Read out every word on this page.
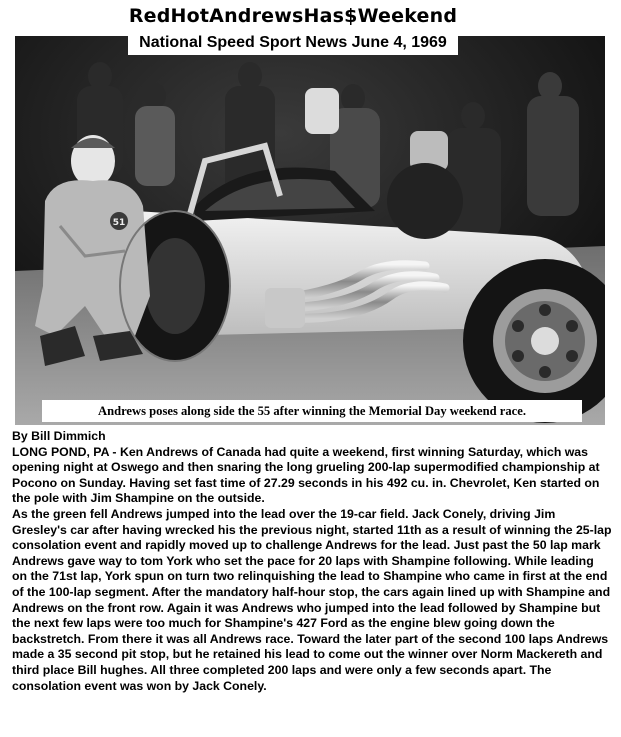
51
RedHotAndrewsHas$Weekend
National Speed Sport News June 4, 1969
Andrews poses along side the 55 after winning the Memorial Day weekend race.

By Bill Dimmich

LONG POND, PA - Ken Andrews of Canada had quite a weekend, first winning Saturday, which was opening night at Oswego and then snaring the long grueling 200-lap supermodified championship at Pocono on Sunday. Having set fast time of 27.29 seconds in his 492 cu. in. Chevrolet, Ken started on the pole with Jim Shampine on the outside.

As the green fell Andrews jumped into the lead over the 19-car field. Jack Conely, driving Jim Gresley's car after having wrecked his the previous night, started 11th as a result of winning the 25-lap consolation event and rapidly moved up to challenge Andrews for the lead. Just past the 50 lap mark Andrews gave way to tom York who set the pace for 20 laps with Shampine following. While leading on the 71st lap, York spun on turn two relinquishing the lead to Shampine who came in first at the end of the 100-lap segment. After the mandatory half-hour stop, the cars again lined up with Shampine and Andrews on the front row. Again it was Andrews who jumped into the lead followed by Shampine but the next few laps were too much for Shampine's 427 Ford as the engine blew going down the backstretch. From there it was all Andrews race. Toward the later part of the second 100 laps Andrews made a 35 second pit stop, but he retained his lead to come out the winner over Norm Mackereth and third place Bill hughes. All three completed 200 laps and were only a few seconds apart. The consolation event was won by Jack Conely.
